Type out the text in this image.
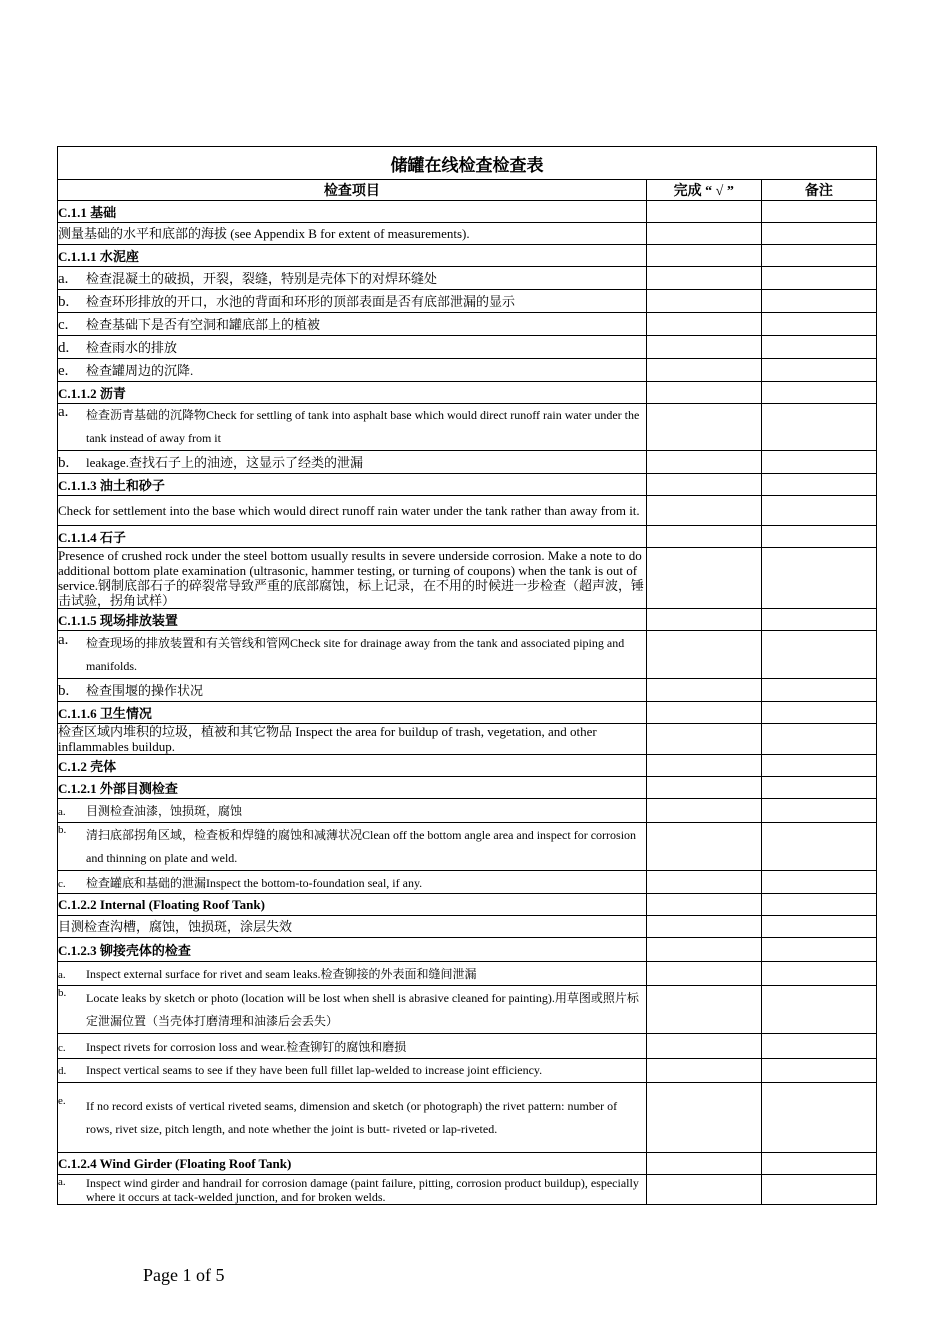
储罐在线检查检查表		
检查项目	完成 “ √ ”	备注
C.1.1 基础		
测量基础的水平和底部的海拔 (see Appendix B for extent of measurements).		
C.1.1.1 水泥座		
a. 检查混凝土的破损，开裂，裂缝，特别是壳体下的对焊环缝处		
b. 检查环形排放的开口，水池的背面和环形的顶部表面是否有底部泄漏的显示		
c. 检查基础下是否有空洞和罐底部上的植被		
d. 检查雨水的排放		
e. 检查罐周边的沉降.		
C.1.1.2 沥青		

a. 检查沥青基础的沉降物Check for settling of tank into asphalt base which would direct runoff rain water under the tank instead of away from it		

b. leakage.查找石子上的油迹，这显示了经类的泄漏		
C.1.1.3 油土和砂子		
Check for settlement into the base which would direct runoff rain water under the tank rather than away from it.		
C.1.1.4 石子		
Presence of crushed rock under the steel bottom usually results in severe underside corrosion. Make a note to do additional bottom plate examination (ultrasonic, hammer testing, or turning of coupons) when the tank is out of service.钢制底部石子的碎裂常导致严重的底部腐蚀，标上记录，在不用的时候进一步检查（超声波，锤击试验，拐角试样）		
C.1.1.5 现场排放装置		

a. 检查现场的排放装置和有关管线和管网Check site for drainage away from the tank and associated piping and manifolds.		

b. 检查围堰的操作状况		
C.1.1.6 卫生情况		
检查区域内堆积的垃圾，植被和其它物品 Inspect the area for buildup of trash, vegetation, and other inflammables buildup.		
C.1.2 壳体		
C.1.2.1 外部目测检查		
a. 目测检查油漆，蚀损斑，腐蚀		

b. 清扫底部拐角区域，检查板和焊缝的腐蚀和减薄状况Clean off the bottom angle area and inspect for corrosion and thinning on plate and weld.		

c. 检查罐底和基础的泄漏Inspect the bottom-to-foundation seal, if any.		
C.1.2.2 Internal (Floating Roof Tank)		
目测检查沟槽，腐蚀，蚀损斑，涂层失效		
C.1.2.3 铆接壳体的检查		
a. Inspect external surface for rivet and seam leaks.检查铆接的外表面和缝间泄漏		

b. Locate leaks by sketch or photo (location will be lost when shell is abrasive cleaned for painting).用草图或照片标定泄漏位置（当壳体打磨清理和油漆后会丢失）		

c. Inspect rivets for corrosion loss and wear.检查铆钉的腐蚀和磨损		
d. Inspect vertical seams to see if they have been full fillet lap-welded to increase joint efficiency.		

e. If no record exists of vertical riveted seams, dimension and sketch (or photograph) the rivet pattern: number of rows, rivet size, pitch length, and note whether the joint is butt- riveted or lap-riveted.		

C.1.2.4 Wind Girder (Floating Roof Tank)		

a. Inspect wind girder and handrail for corrosion damage (paint failure, pitting, corrosion product buildup), especially where it occurs at tack-welded junction, and for broken welds.		

Page 1 of 5
